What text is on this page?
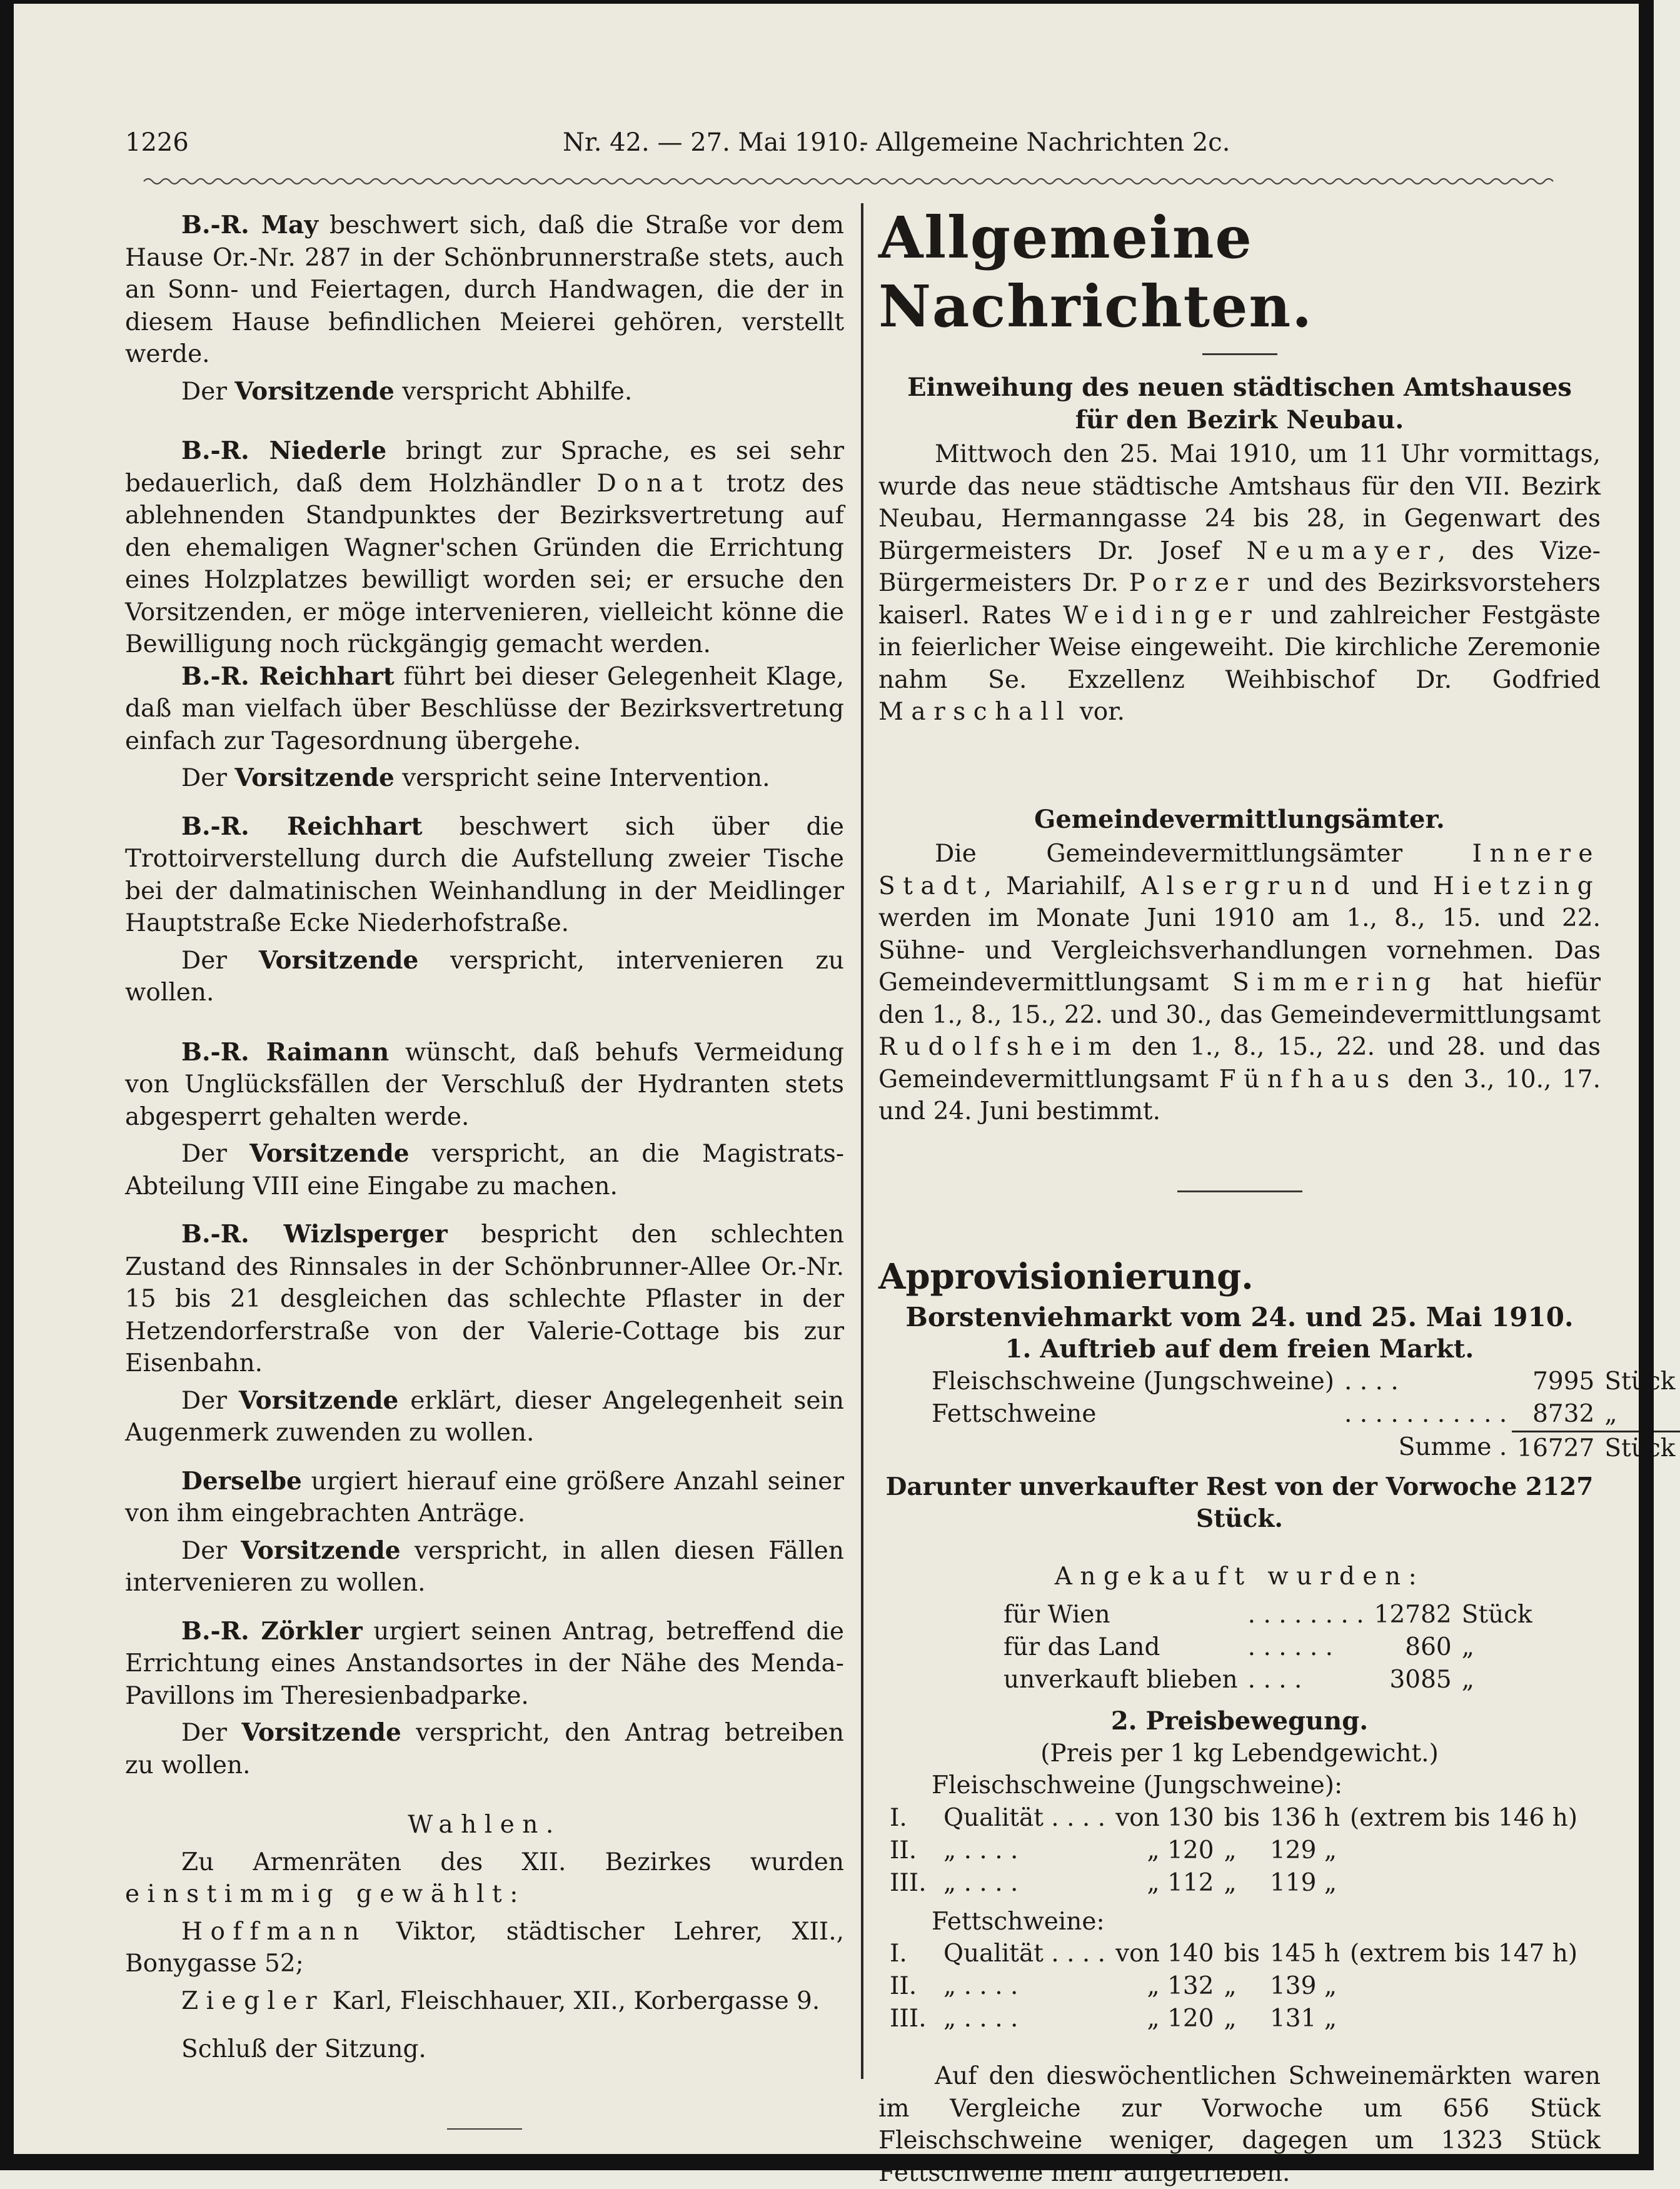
1226	Nr. 42. — 27. Mai 1910.
- Allgemeine Nachrichten 2c.

B.-R. May beschwert sich, daß die Straße vor dem Hause Or.-Nr. 287 in der Schönbrunnerstraße stets, auch an Sonn- und Feiertagen, durch Handwagen, die der in diesem Hause befindlichen Meierei gehören, verstellt werde.

Der Vorsitzende verspricht Abhilfe.

B.-R. Niederle bringt zur Sprache, es sei sehr bedauerlich, daß dem Holzhändler Donat trotz des ablehnenden Standpunktes der Bezirksvertretung auf den ehemaligen Wagner'schen Gründen die Errichtung eines Holzplatzes bewilligt worden sei; er ersuche den Vorsitzenden, er möge intervenieren, vielleicht könne die Bewilligung noch rückgängig gemacht werden.

B.-R. Reichhart führt bei dieser Gelegenheit Klage, daß man vielfach über Beschlüsse der Bezirksvertretung einfach zur Tagesordnung übergehe.

Der Vorsitzende verspricht seine Intervention.

B.-R. Reichhart beschwert sich über die Trottoirverstellung durch die Aufstellung zweier Tische bei der dalmatinischen Weinhandlung in der Meidlinger Hauptstraße Ecke Niederhofstraße.

Der Vorsitzende verspricht, intervenieren zu wollen.

B.-R. Raimann wünscht, daß behufs Vermeidung von Unglücksfällen der Verschluß der Hydranten stets abgesperrt gehalten werde.

Der Vorsitzende verspricht, an die Magistrats-Abteilung VIII eine Eingabe zu machen.

B.-R. Wizlsperger bespricht den schlechten Zustand des Rinnsales in der Schönbrunner-Allee Or.-Nr. 15 bis 21 desgleichen das schlechte Pflaster in der Hetzendorferstraße von der Valerie-Cottage bis zur Eisenbahn.

Der Vorsitzende erklärt, dieser Angelegenheit sein Augenmerk zuwenden zu wollen.

Derselbe urgiert hierauf eine größere Anzahl seiner von ihm eingebrachten Anträge.

Der Vorsitzende verspricht, in allen diesen Fällen intervenieren zu wollen.

B.-R. Zörkler urgiert seinen Antrag, betreffend die Errichtung eines Anstandsortes in der Nähe des Menda-Pavillons im Theresienbadparke.

Der Vorsitzende verspricht, den Antrag betreiben zu wollen.

Wahlen.

Zu Armenräten des XII. Bezirkes wurden einstimmig gewählt:

Hoffmann Viktor, städtischer Lehrer, XII., Bonygasse 52;

Ziegler Karl, Fleischhauer, XII., Korbergasse 9.

Schluß der Sitzung.

Allgemeine Nachrichten.

Einweihung des neuen städtischen Amtshauses für den Bezirk Neubau.

Mittwoch den 25. Mai 1910, um 11 Uhr vormittags, wurde das neue städtische Amtshaus für den VII. Bezirk Neubau, Hermanngasse 24 bis 28, in Gegenwart des Bürgermeisters Dr. Josef Neumayer, des Vize-Bürgermeisters Dr. Porzer und des Bezirksvorstehers kaiserl. Rates Weidinger und zahlreicher Festgäste in feierlicher Weise eingeweiht. Die kirchliche Zeremonie nahm Se. Exzellenz Weihbischof Dr. Godfried Marschall vor.

Gemeindevermittlungsämter.

Die Gemeindevermittlungsämter Innere Stadt, Mariahilf, Alsergrund und Hietzing werden im Monate Juni 1910 am 1., 8., 15. und 22. Sühne- und Vergleichsverhandlungen vornehmen. Das Gemeindevermittlungsamt Simmering hat hiefür den 1., 8., 15., 22. und 30., das Gemeindevermittlungsamt Rudolfsheim den 1., 8., 15., 22. und 28. und das Gemeindevermittlungsamt Fünfhaus den 3., 10., 17. und 24. Juni bestimmt.

Approvisionierung.

Borstenviehmarkt vom 24. und 25. Mai 1910.

1. Auftrieb auf dem freien Markt.

Fleischschweine (Jungschweine)	. . . .	7995	Stück
Fettschweine	. . . . . . . . . . .	8732	„
	Summe .	16727	Stück

Darunter unverkaufter Rest von der Vorwoche 2127 Stück.

Angekauft wurden:

für Wien	. . . . . . . .	12782	Stück
für das Land	. . . . . .	860	„
unverkauft blieben	. . . .	3085	„

2. Preisbewegung.

(Preis per 1 kg Lebendgewicht.)

Fleischschweine (Jungschweine):

I.	Qualität . . . .	von 130	bis	136 h	(extrem bis 146 h)
II.	„ . . . .	„ 120	„	129 „	
III.	„ . . . .	„ 112	„	119 „	

Fettschweine:

I.	Qualität . . . .	von 140	bis	145 h	(extrem bis 147 h)
II.	„ . . . .	„ 132	„	139 „	
III.	„ . . . .	„ 120	„	131 „	

Auf den dieswöchentlichen Schweinemärkten waren im Vergleiche zur Vorwoche um 656 Stück Fleischschweine weniger, dagegen um 1323 Stück Fettschweine mehr aufgetrieben.
